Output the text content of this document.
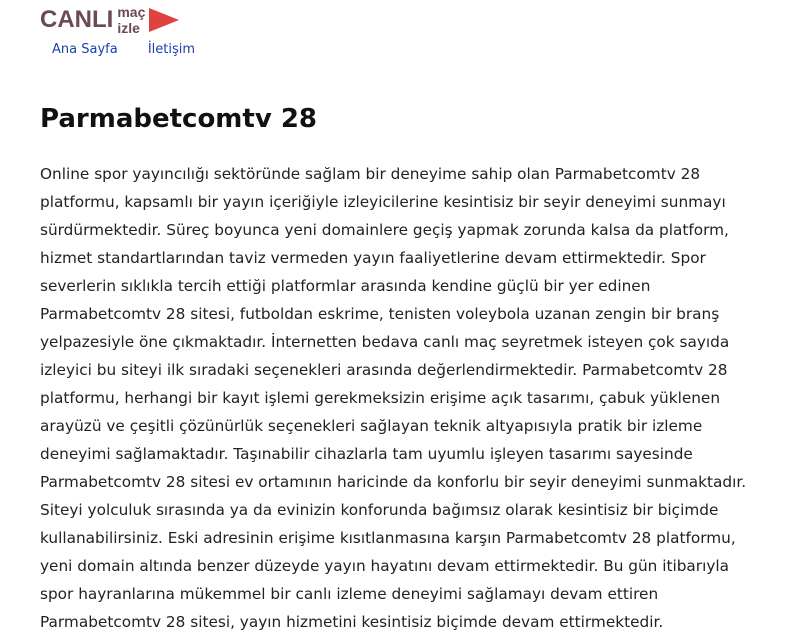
CANLI maç
izle
Ana Sayfa İletişim
Parmabetcomtv 28

Online spor yayıncılığı sektöründe sağlam bir deneyime sahip olan Parmabetcomtv 28 platformu, kapsamlı bir yayın içeriğiyle izleyicilerine kesintisiz bir seyir deneyimi sunmayı sürdürmektedir. Süreç boyunca yeni domainlere geçiş yapmak zorunda kalsa da platform, hizmet standartlarından taviz vermeden yayın faaliyetlerine devam ettirmektedir. Spor severlerin sıklıkla tercih ettiği platformlar arasında kendine güçlü bir yer edinen Parmabetcomtv 28 sitesi, futboldan eskrime, tenisten voleybola uzanan zengin bir branş yelpazesiyle öne çıkmaktadır. İnternetten bedava canlı maç seyretmek isteyen çok sayıda izleyici bu siteyi ilk sıradaki seçenekleri arasında değerlendirmektedir. Parmabetcomtv 28 platformu, herhangi bir kayıt işlemi gerekmeksizin erişime açık tasarımı, çabuk yüklenen arayüzü ve çeşitli çözünürlük seçenekleri sağlayan teknik altyapısıyla pratik bir izleme deneyimi sağlamaktadır. Taşınabilir cihazlarla tam uyumlu işleyen tasarımı sayesinde Parmabetcomtv 28 sitesi ev ortamının haricinde da konforlu bir seyir deneyimi sunmaktadır. Siteyi yolculuk sırasında ya da evinizin konforunda bağımsız olarak kesintisiz bir biçimde kullanabilirsiniz. Eski adresinin erişime kısıtlanmasına karşın Parmabetcomtv 28 platformu, yeni domain altında benzer düzeyde yayın hayatını devam ettirmektedir. Bu gün itibarıyla spor hayranlarına mükemmel bir canlı izleme deneyimi sağlamayı devam ettiren Parmabetcomtv 28 sitesi, yayın hizmetini kesintisiz biçimde devam ettirmektedir.
